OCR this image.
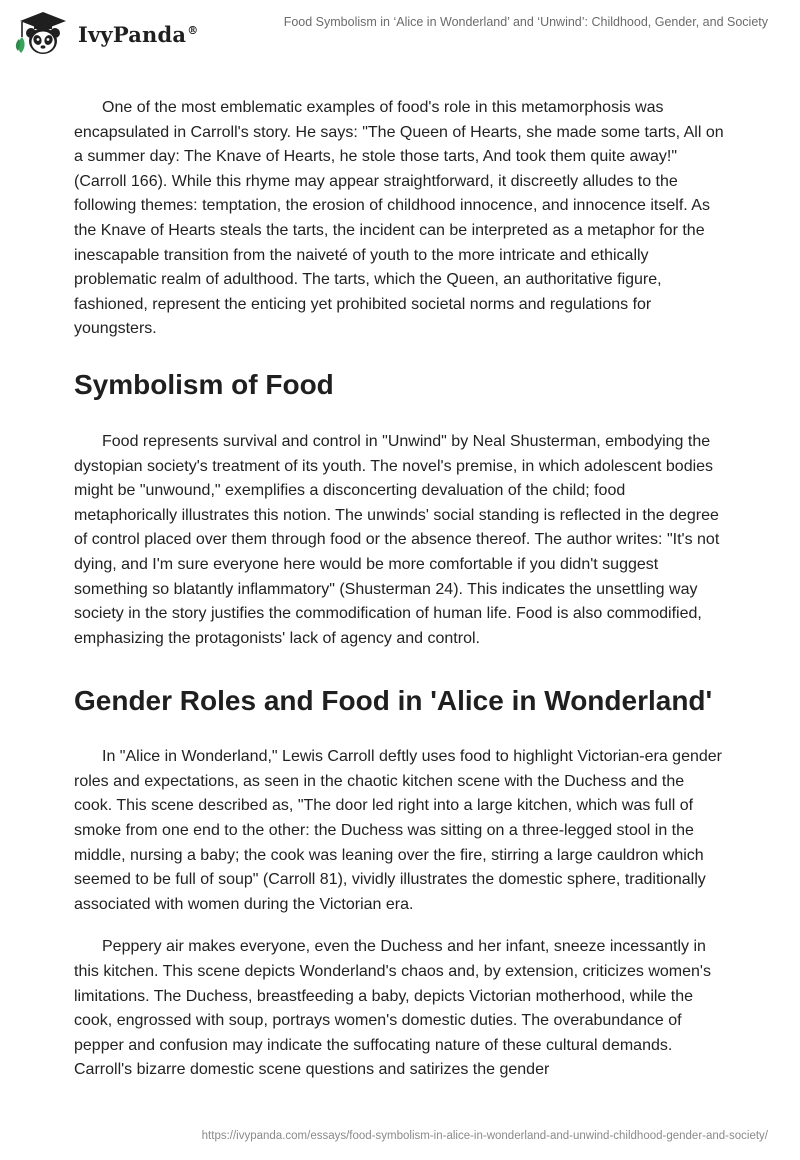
IvyPanda®
Food Symbolism in ‘Alice in Wonderland’ and ‘Unwind’: Childhood, Gender, and Society

One of the most emblematic examples of food's role in this metamorphosis was encapsulated in Carroll's story. He says: "The Queen of Hearts, she made some tarts, All on a summer day: The Knave of Hearts, he stole those tarts, And took them quite away!" (Carroll 166). While this rhyme may appear straightforward, it discreetly alludes to the following themes: temptation, the erosion of childhood innocence, and innocence itself. As the Knave of Hearts steals the tarts, the incident can be interpreted as a metaphor for the inescapable transition from the naiveté of youth to the more intricate and ethically problematic realm of adulthood. The tarts, which the Queen, an authoritative figure, fashioned, represent the enticing yet prohibited societal norms and regulations for youngsters.

Symbolism of Food

Food represents survival and control in "Unwind" by Neal Shusterman, embodying the dystopian society's treatment of its youth. The novel's premise, in which adolescent bodies might be "unwound," exemplifies a disconcerting devaluation of the child; food metaphorically illustrates this notion. The unwinds' social standing is reflected in the degree of control placed over them through food or the absence thereof. The author writes: "It's not dying, and I'm sure everyone here would be more comfortable if you didn't suggest something so blatantly inflammatory" (Shusterman 24). This indicates the unsettling way society in the story justifies the commodification of human life. Food is also commodified, emphasizing the protagonists' lack of agency and control.

Gender Roles and Food in 'Alice in Wonderland'

In "Alice in Wonderland," Lewis Carroll deftly uses food to highlight Victorian-era gender roles and expectations, as seen in the chaotic kitchen scene with the Duchess and the cook. This scene described as, "The door led right into a large kitchen, which was full of smoke from one end to the other: the Duchess was sitting on a three-legged stool in the middle, nursing a baby; the cook was leaning over the fire, stirring a large cauldron which seemed to be full of soup" (Carroll 81), vividly illustrates the domestic sphere, traditionally associated with women during the Victorian era.

Peppery air makes everyone, even the Duchess and her infant, sneeze incessantly in this kitchen. This scene depicts Wonderland's chaos and, by extension, criticizes women's limitations. The Duchess, breastfeeding a baby, depicts Victorian motherhood, while the cook, engrossed with soup, portrays women's domestic duties. The overabundance of pepper and confusion may indicate the suffocating nature of these cultural demands. Carroll's bizarre domestic scene questions and satirizes the gender

https://ivypanda.com/essays/food-symbolism-in-alice-in-wonderland-and-unwind-childhood-gender-and-society/
